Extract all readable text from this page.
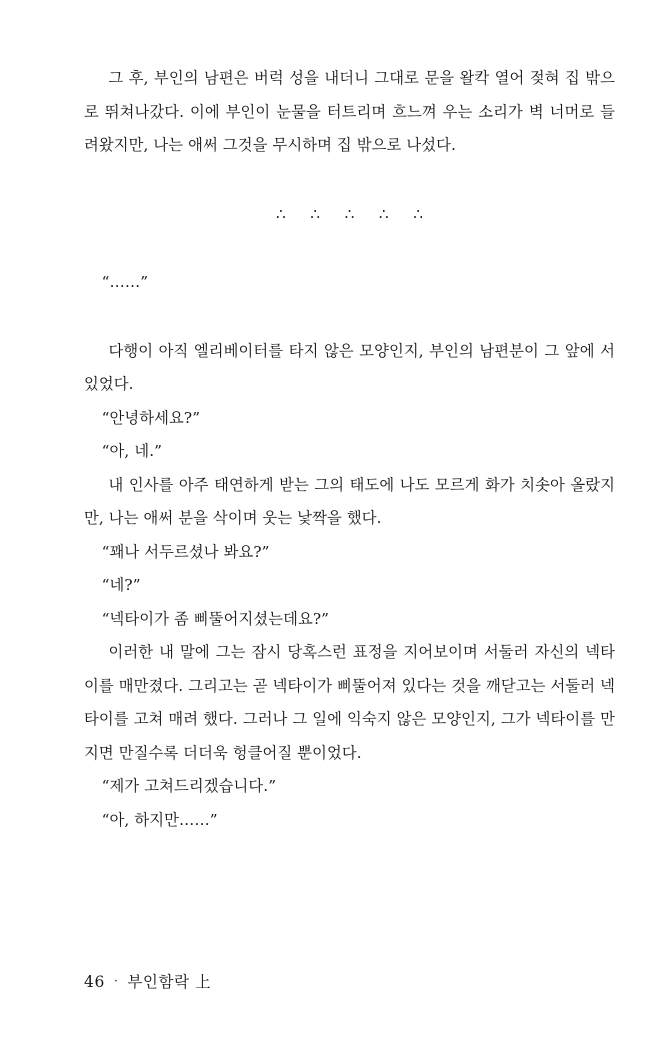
그 후, 부인의 남편은 버럭 성을 내더니 그대로 문을 왈칵 열어 젖혀 집 밖으로 뛰쳐나갔다. 이에 부인이 눈물을 터트리며 흐느껴 우는 소리가 벽 너머로 들려왔지만, 나는 애써 그것을 무시하며 집 밖으로 나섰다.

∴ ∴ ∴ ∴ ∴

“……”

다행이 아직 엘리베이터를 타지 않은 모양인지, 부인의 남편분이 그 앞에 서있었다.

“안녕하세요?”

“아, 네.”

내 인사를 아주 태연하게 받는 그의 태도에 나도 모르게 화가 치솟아 올랐지만, 나는 애써 분을 삭이며 웃는 낯짝을 했다.

“꽤나 서두르셨나 봐요?”

“네?”

“넥타이가 좀 삐뚤어지셨는데요?”

이러한 내 말에 그는 잠시 당혹스런 표정을 지어보이며 서둘러 자신의 넥타이를 매만졌다. 그리고는 곧 넥타이가 삐뚤어져 있다는 것을 깨닫고는 서둘러 넥타이를 고쳐 매려 했다. 그러나 그 일에 익숙지 않은 모양인지, 그가 넥타이를 만지면 만질수록 더더욱 헝클어질 뿐이었다.

“제가 고쳐드리겠습니다.”

“아, 하지만……”

46 · 부인함락 上
